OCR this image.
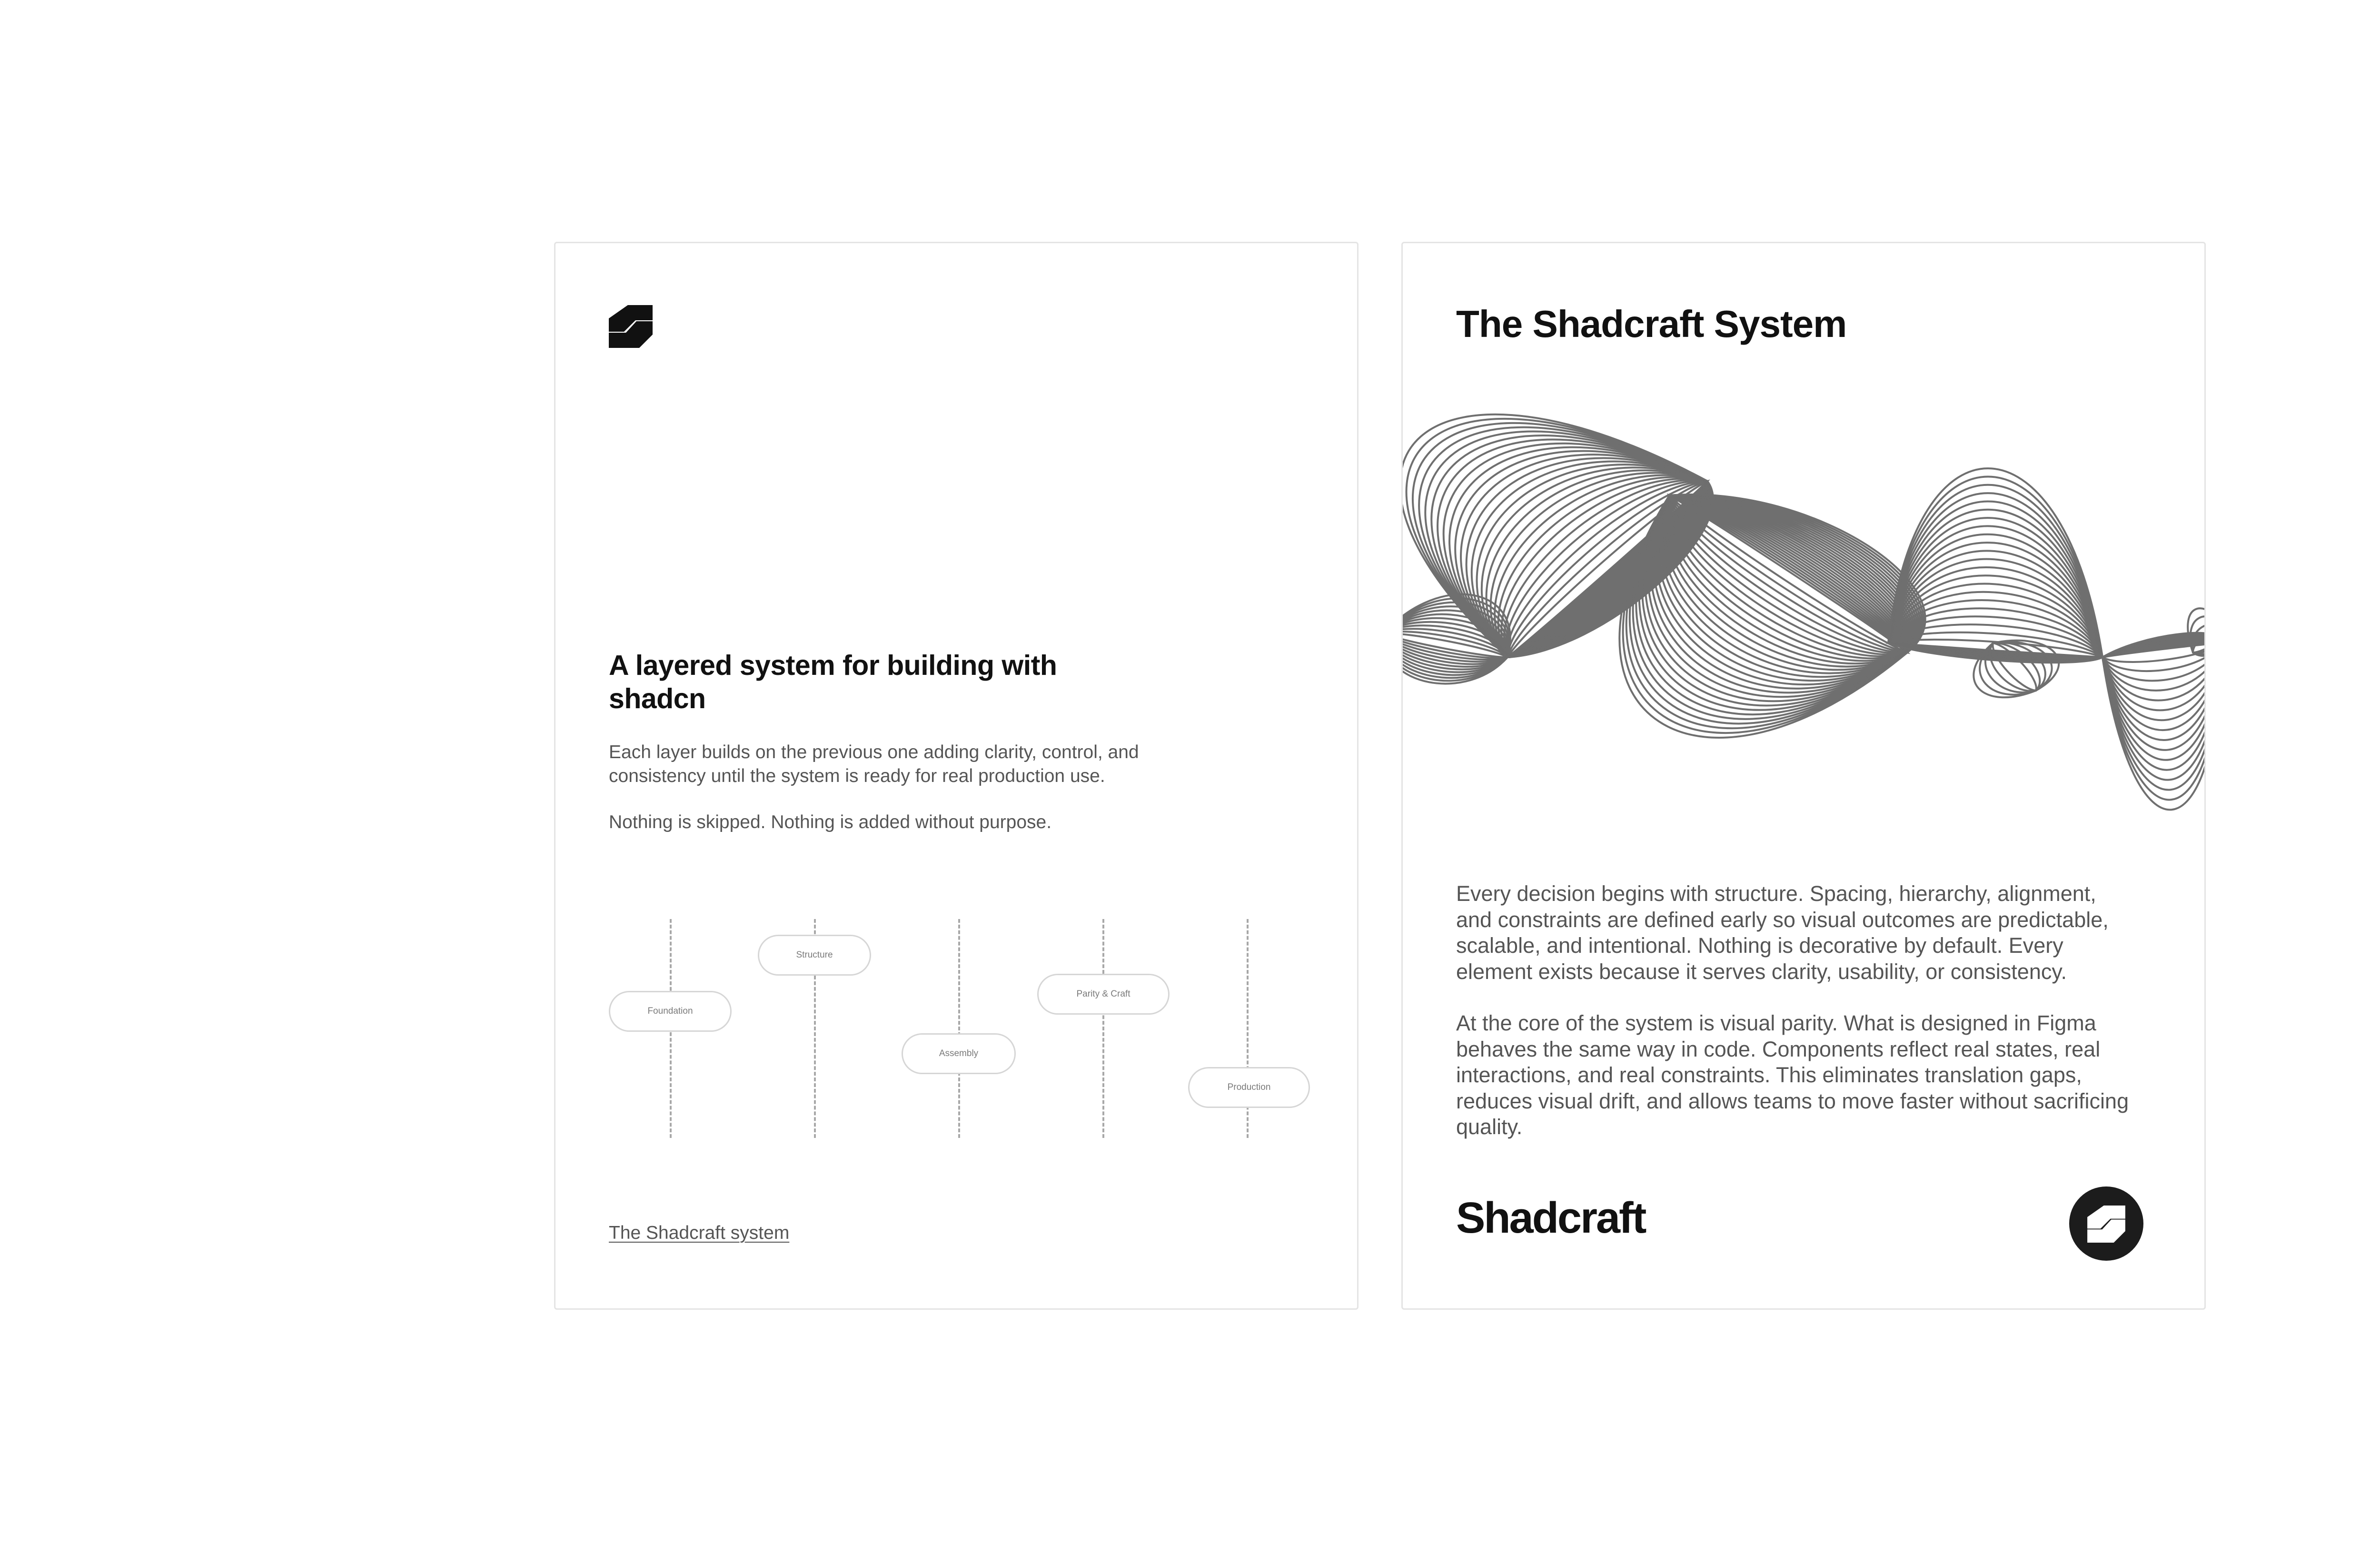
A layered system for building with shadcn

Each layer builds on the previous one adding clarity, control, and consistency until the system is ready for real production use.

Nothing is skipped. Nothing is added without purpose.

Foundation
Structure
Assembly
Parity & Craft
Production
The Shadcraft system
The Shadcraft System

Every decision begins with structure. Spacing, hierarchy, alignment, and constraints are defined early so visual outcomes are predictable, scalable, and intentional. Nothing is decorative by default. Every element exists because it serves clarity, usability, or consistency.

At the core of the system is visual parity. What is designed in Figma behaves the same way in code. Components reflect real states, real interactions, and real constraints. This eliminates translation gaps, reduces visual drift, and allows teams to move faster without sacrificing quality.

Shadcraft
